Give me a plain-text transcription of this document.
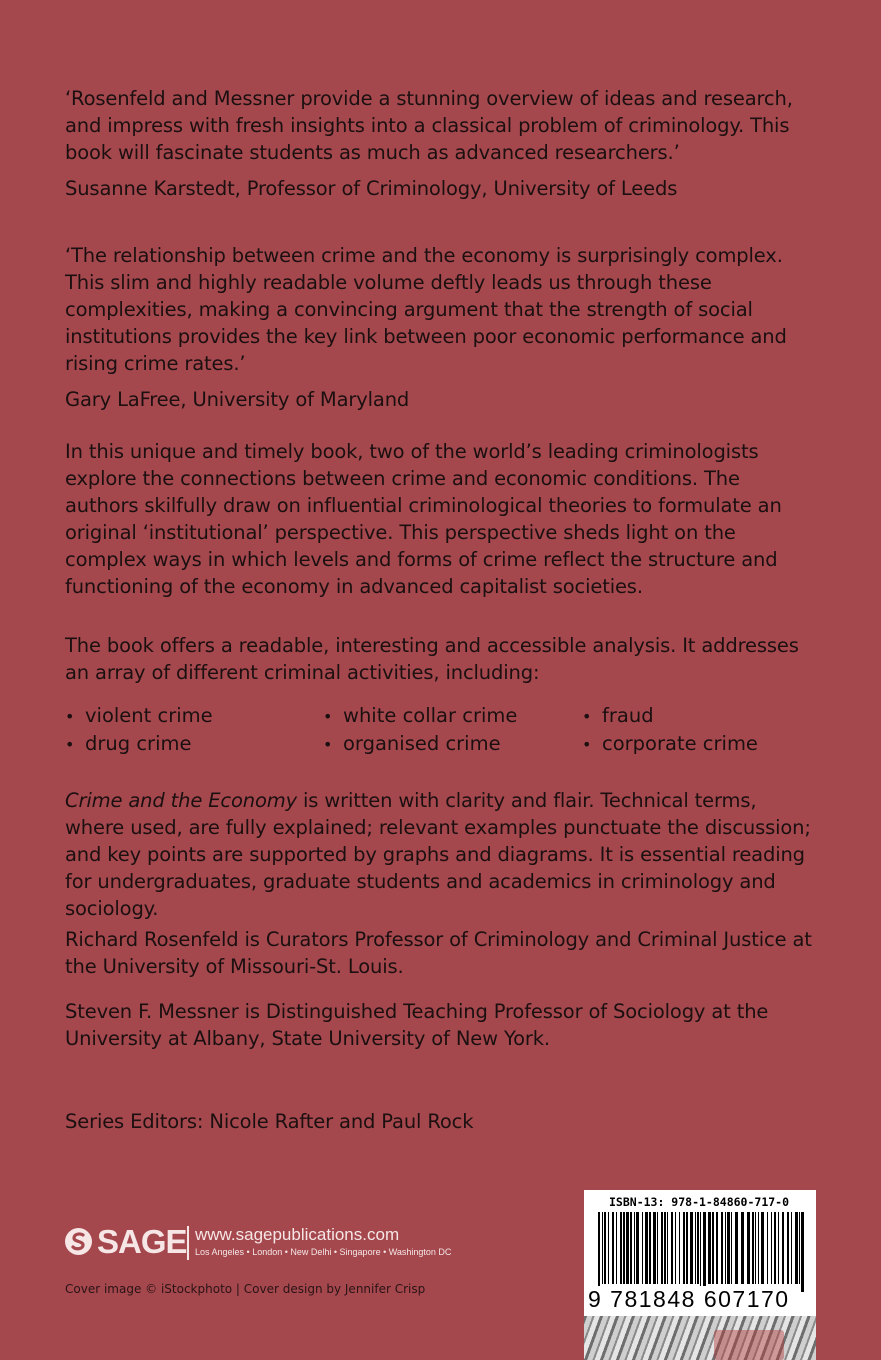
‘Rosenfeld and Messner provide a stunning overview of ideas and research, and impress with fresh insights into a classical problem of criminology. This book will fascinate students as much as advanced researchers.’

Susanne Karstedt, Professor of Criminology, University of Leeds

‘The relationship between crime and the economy is surprisingly complex. This slim and highly readable volume deftly leads us through these complexities, making a convincing argument that the strength of social institutions provides the key link between poor economic performance and rising crime rates.’

Gary LaFree, University of Maryland

In this unique and timely book, two of the world’s leading criminologists explore the connections between crime and economic conditions. The authors skilfully draw on influential criminological theories to formulate an original ‘institutional’ perspective. This perspective sheds light on the complex ways in which levels and forms of crime reflect the structure and functioning of the economy in advanced capitalist societies.

The book offers a readable, interesting and accessible analysis. It addresses an array of different criminal activities, including:

• violent crime
• drug crime
• white collar crime
• organised crime
• fraud
• corporate crime

Crime and the Economy is written with clarity and flair. Technical terms, where used, are fully explained; relevant examples punctuate the discussion; and key points are supported by graphs and diagrams. It is essential reading for undergraduates, graduate students and academics in criminology and sociology.

Richard Rosenfeld is Curators Professor of Criminology and Criminal Justice at the University of Missouri-St. Louis.

Steven F. Messner is Distinguished Teaching Professor of Sociology at the University at Albany, State University of New York.

Series Editors: Nicole Rafter and Paul Rock

SAGE www.sagepublications.com
Los Angeles • London • New Delhi • Singapore • Washington DC

Cover image © iStockphoto | Cover design by Jennifer Crisp

ISBN-13: 978-1-84860-717-0
9 781848 607170
